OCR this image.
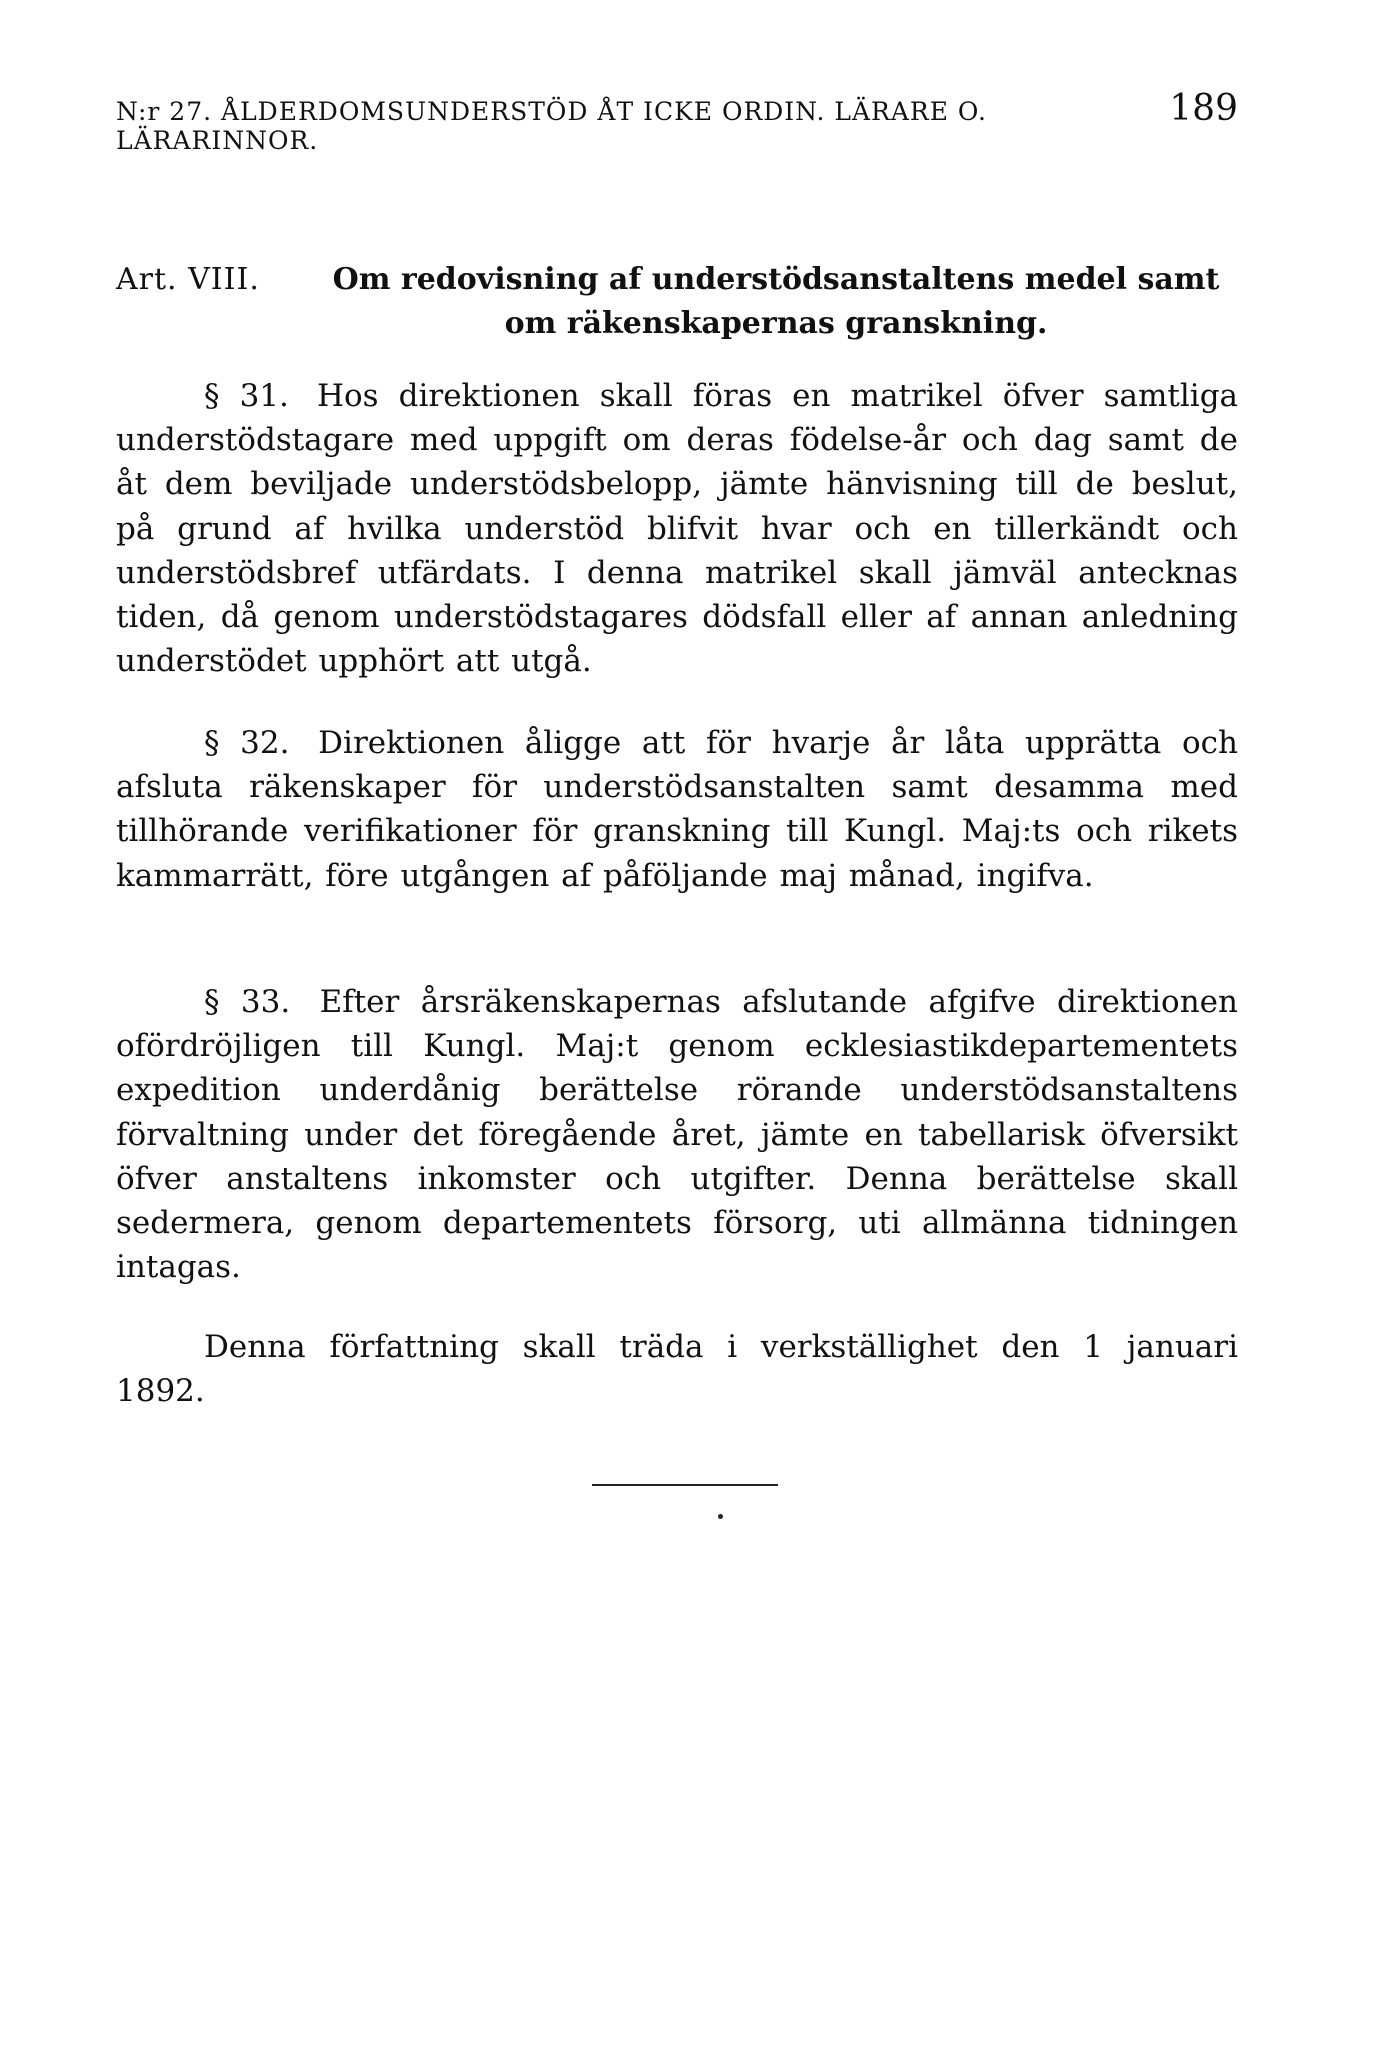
N:r 27. ÅLDERDOMSUNDERSTÖD ÅT ICKE ORDIN. LÄRARE O. LÄRARINNOR.
189
Art. VIII.	Om redovisning af understödsanstaltens medel samt om räkenskapernas granskning.

§ 31. Hos direktionen skall föras en matrikel öfver samtliga understödstagare med uppgift om deras födelse-år och dag samt de åt dem beviljade understödsbelopp, jämte hänvisning till de beslut, på grund af hvilka understöd blifvit hvar och en tillerkändt och understödsbref utfärdats. I denna matrikel skall jämväl antecknas tiden, då genom understödstagares dödsfall eller af annan anledning understödet upphört att utgå.

§ 32. Direktionen åligge att för hvarje år låta upprätta och afsluta räkenskaper för understödsanstalten samt desamma med tillhörande verifikationer för granskning till Kungl. Maj:ts och rikets kammarrätt, före utgången af påföljande maj månad, ingifva.

§ 33. Efter årsräkenskapernas afslutande afgifve direktionen ofördröjligen till Kungl. Maj:t genom ecklesiastikdepartementets expedition underdånig berättelse rörande understödsanstaltens förvaltning under det föregående året, jämte en tabellarisk öfversikt öfver anstaltens inkomster och utgifter. Denna berättelse skall sedermera, genom departementets försorg, uti allmänna tidningen intagas.

Denna författning skall träda i verkställighet den 1 januari 1892.
